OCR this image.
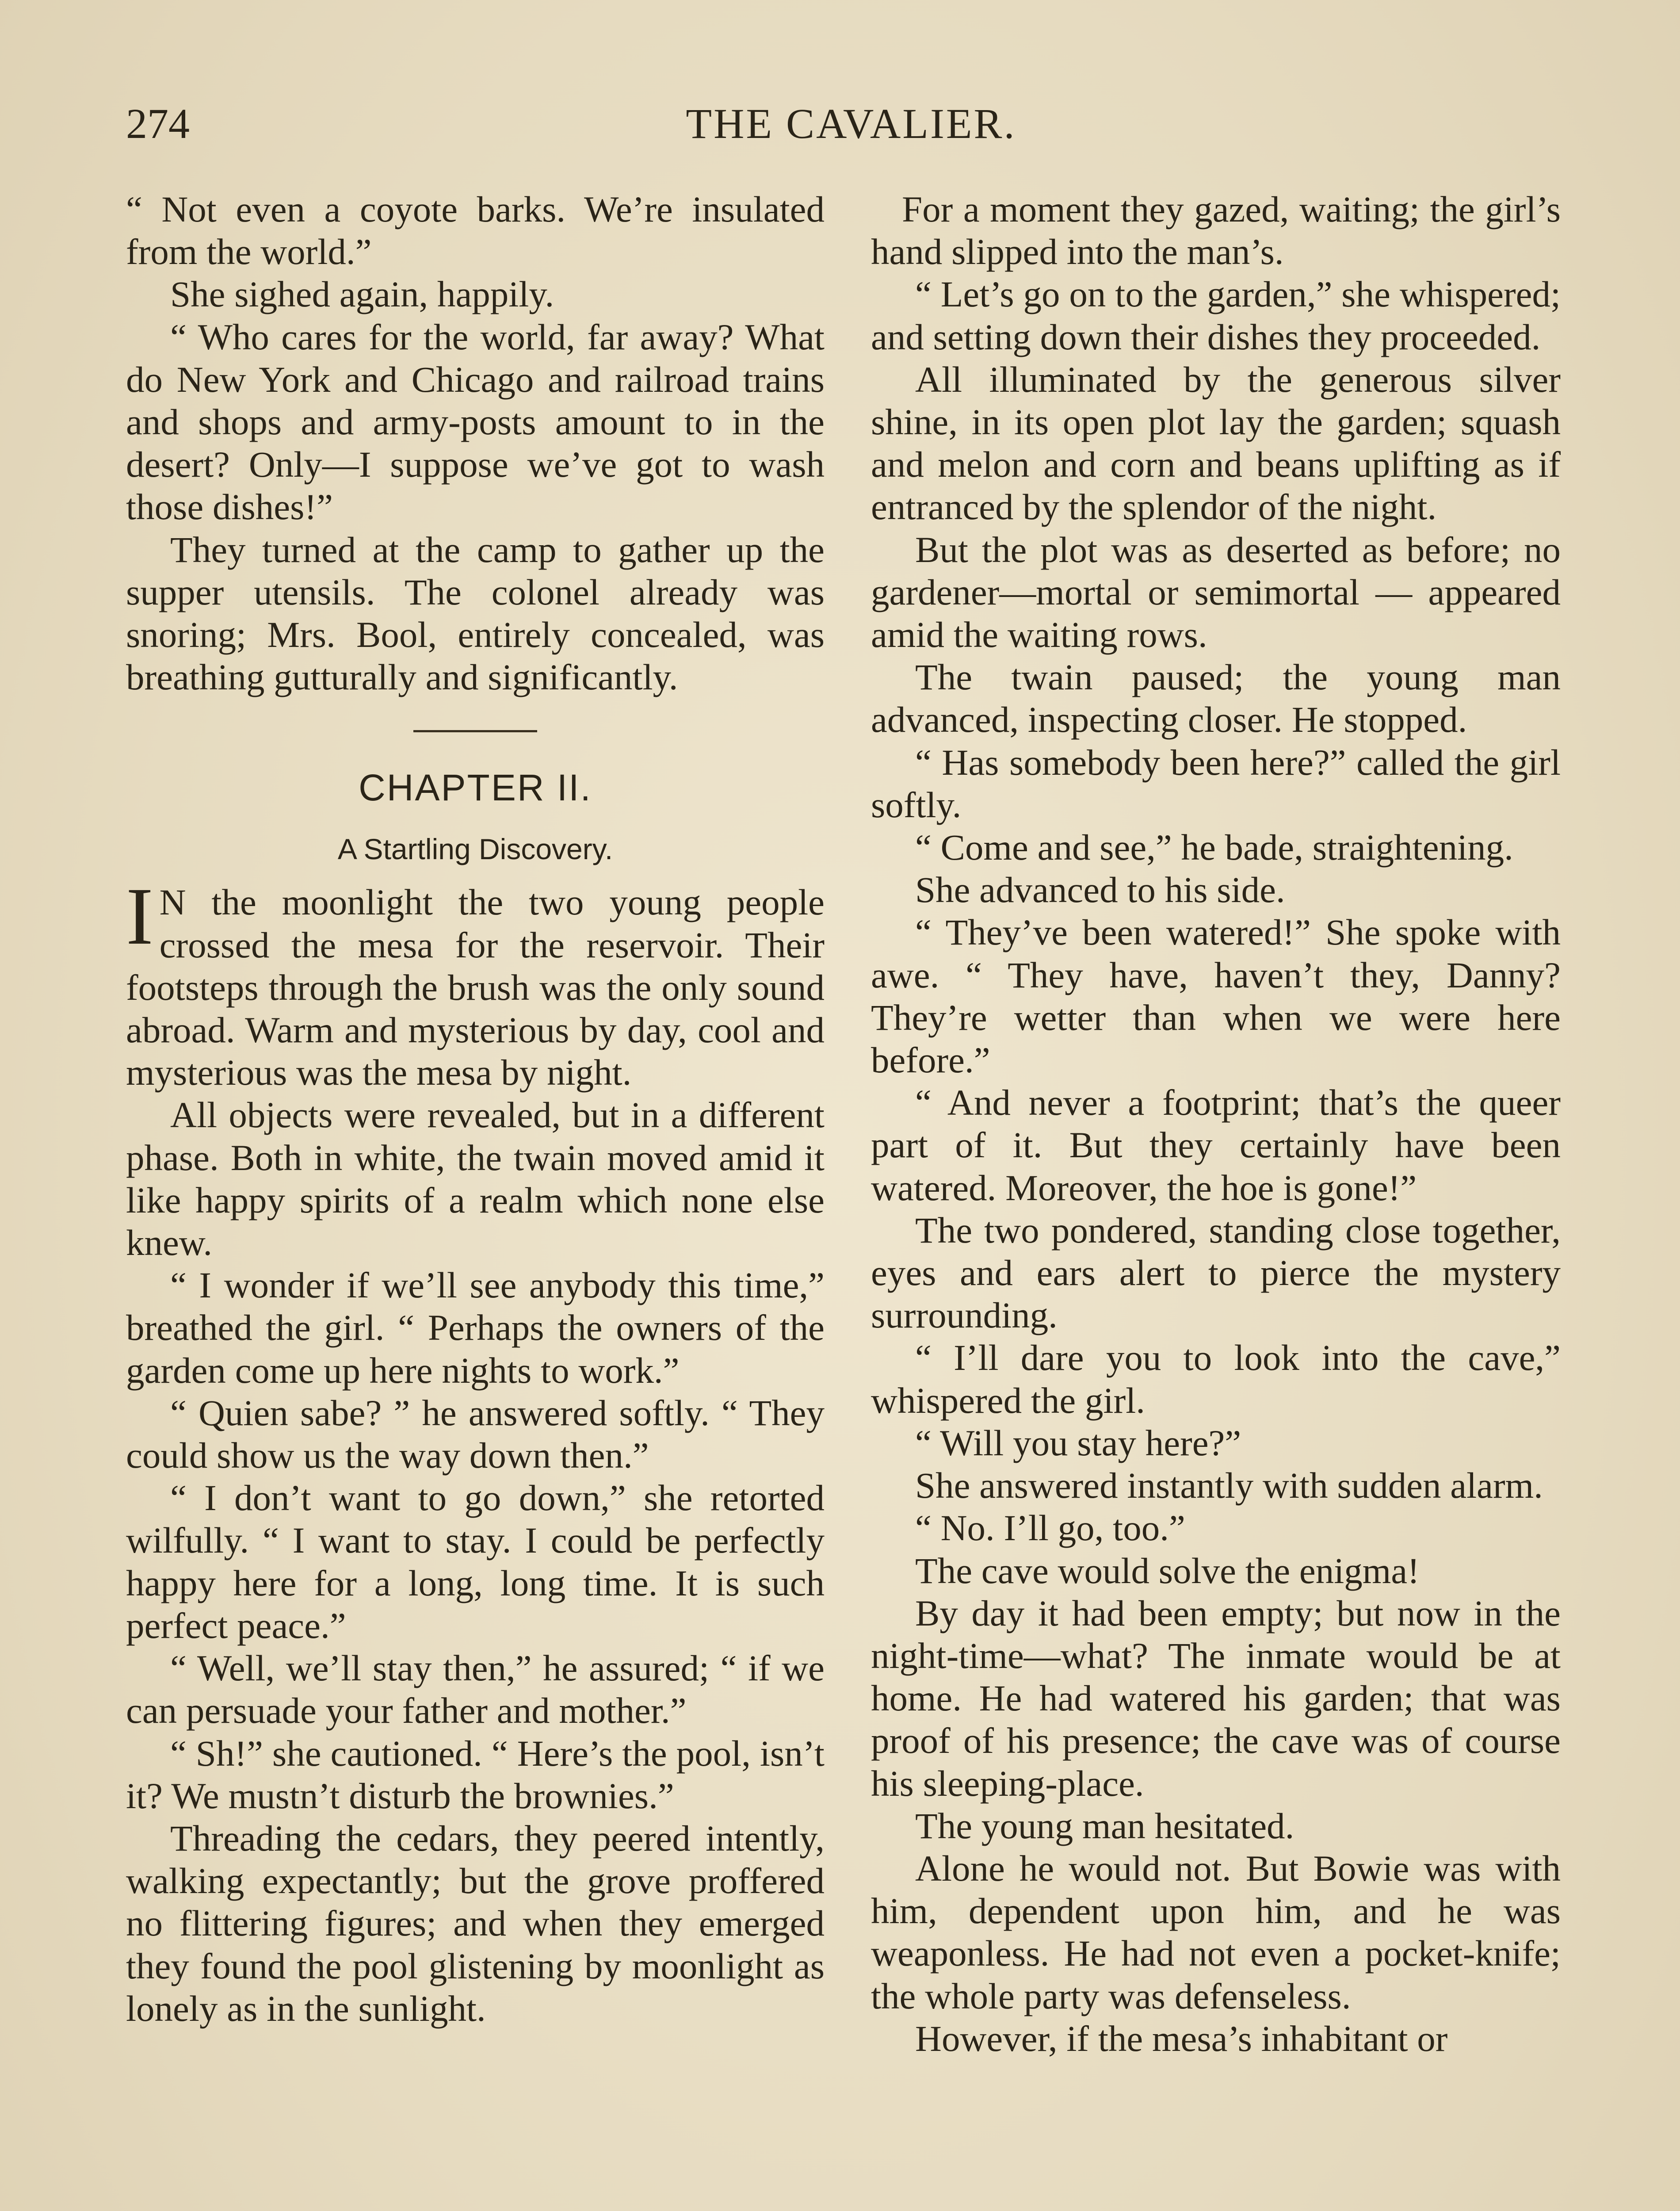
274	THE CAVALIER.

“ Not even a coyote barks. We’re insulated from the world.”

She sighed again, happily.

“ Who cares for the world, far away? What do New York and Chicago and railroad trains and shops and army-posts amount to in the desert? Only—I suppose we’ve got to wash those dishes!”

They turned at the camp to gather up the supper utensils. The colonel already was snoring; Mrs. Bool, entirely concealed, was breathing gutturally and significantly.

CHAPTER II.
A Startling Discovery.

I N the moonlight the two young people crossed the mesa for the reservoir. Their footsteps through the brush was the only sound abroad. Warm and mysterious by day, cool and mysterious was the mesa by night.

All objects were revealed, but in a different phase. Both in white, the twain moved amid it like happy spirits of a realm which none else knew.

“ I wonder if we’ll see anybody this time,” breathed the girl. “ Perhaps the owners of the garden come up here nights to work.”

“ Quien sabe? ” he answered softly. “ They could show us the way down then.”

“ I don’t want to go down,” she retorted wilfully. “ I want to stay. I could be perfectly happy here for a long, long time. It is such perfect peace.”

“ Well, we’ll stay then,” he assured; “ if we can persuade your father and mother.”

“ Sh!” she cautioned. “ Here’s the pool, isn’t it? We mustn’t disturb the brownies.”

Threading the cedars, they peered intently, walking expectantly; but the grove proffered no flittering figures; and when they emerged they found the pool glistening by moonlight as lonely as in the sunlight.

For a moment they gazed, waiting; the girl’s hand slipped into the man’s.

“ Let’s go on to the garden,” she whispered; and setting down their dishes they proceeded.

All illuminated by the generous silver shine, in its open plot lay the garden; squash and melon and corn and beans uplifting as if entranced by the splendor of the night.

But the plot was as deserted as before; no gardener—mortal or semimortal — appeared amid the waiting rows.

The twain paused; the young man advanced, inspecting closer. He stopped.

“ Has somebody been here?” called the girl softly.

“ Come and see,” he bade, straightening.

She advanced to his side.

“ They’ve been watered!” She spoke with awe. “ They have, haven’t they, Danny? They’re wetter than when we were here before.”

“ And never a footprint; that’s the queer part of it. But they certainly have been watered. Moreover, the hoe is gone!”

The two pondered, standing close together, eyes and ears alert to pierce the mystery surrounding.

“ I’ll dare you to look into the cave,” whispered the girl.

“ Will you stay here?”

She answered instantly with sudden alarm.

“ No. I’ll go, too.”

The cave would solve the enigma!

By day it had been empty; but now in the night-time—what? The inmate would be at home. He had watered his garden; that was proof of his presence; the cave was of course his sleeping-place.

The young man hesitated.

Alone he would not. But Bowie was with him, dependent upon him, and he was weaponless. He had not even a pocket-knife; the whole party was defenseless.

However, if the mesa’s inhabitant or
